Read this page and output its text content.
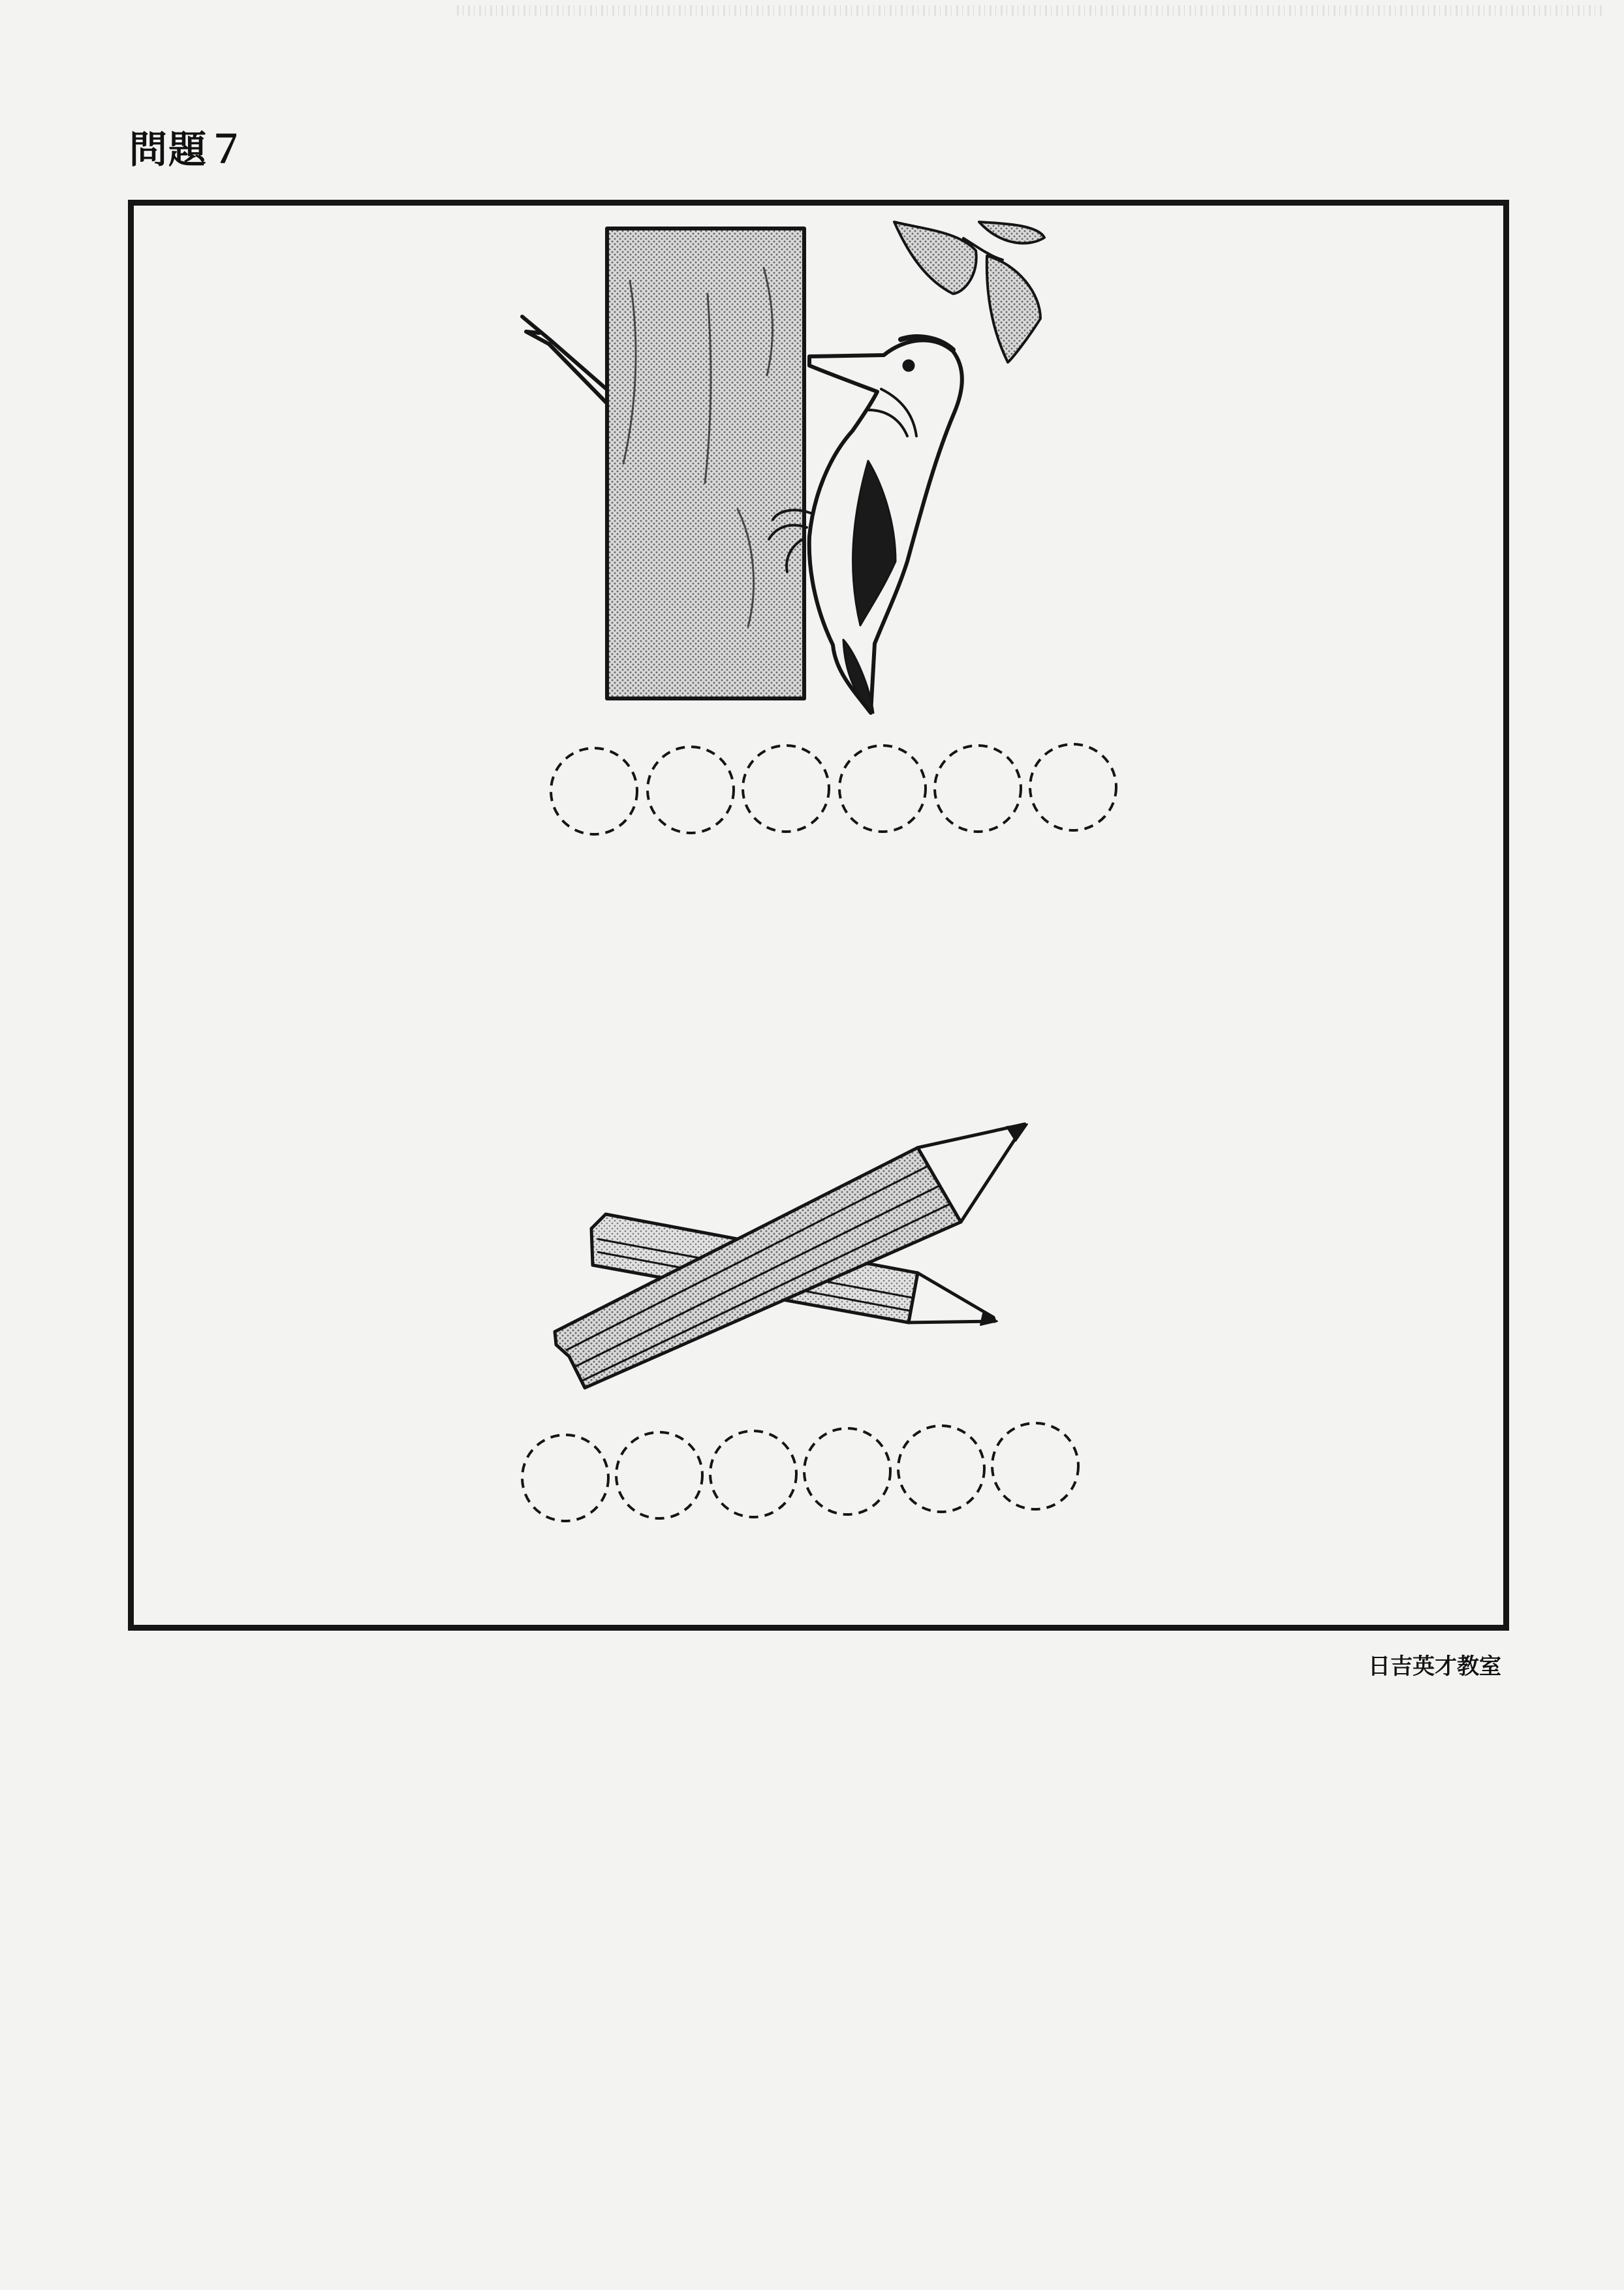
問題７
日吉英才教室
